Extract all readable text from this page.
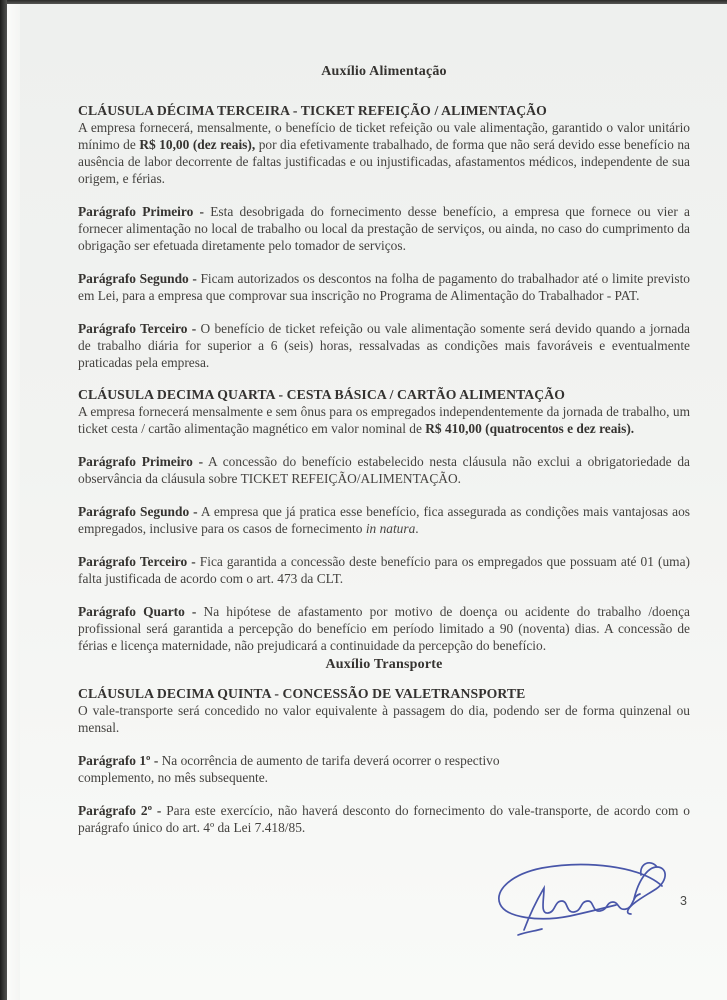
Auxílio Alimentação
CLÁUSULA DÉCIMA TERCEIRA - TICKET REFEIÇÃO / ALIMENTAÇÃO

A empresa fornecerá, mensalmente, o benefício de ticket refeição ou vale alimentação, garantido o valor unitário mínimo de R$ 10,00 (dez reais), por dia efetivamente trabalhado, de forma que não será devido esse benefício na ausência de labor decorrente de faltas justificadas e ou injustificadas, afastamentos médicos, independente de sua origem, e férias.

Parágrafo Primeiro - Esta desobrigada do fornecimento desse benefício, a empresa que fornece ou vier a fornecer alimentação no local de trabalho ou local da prestação de serviços, ou ainda, no caso do cumprimento da obrigação ser efetuada diretamente pelo tomador de serviços.

Parágrafo Segundo - Ficam autorizados os descontos na folha de pagamento do trabalhador até o limite previsto em Lei, para a empresa que comprovar sua inscrição no Programa de Alimentação do Trabalhador - PAT.

Parágrafo Terceiro - O benefício de ticket refeição ou vale alimentação somente será devido quando a jornada de trabalho diária for superior a 6 (seis) horas, ressalvadas as condições mais favoráveis e eventualmente praticadas pela empresa.

CLÁUSULA DECIMA QUARTA - CESTA BÁSICA / CARTÃO ALIMENTAÇÃO

A empresa fornecerá mensalmente e sem ônus para os empregados independentemente da jornada de trabalho, um ticket cesta / cartão alimentação magnético em valor nominal de R$ 410,00 (quatrocentos e dez reais).

Parágrafo Primeiro - A concessão do benefício estabelecido nesta cláusula não exclui a obrigatoriedade da observância da cláusula sobre TICKET REFEIÇÃO/ALIMENTAÇÃO.

Parágrafo Segundo - A empresa que já pratica esse benefício, fica assegurada as condições mais vantajosas aos empregados, inclusive para os casos de fornecimento in natura.

Parágrafo Terceiro - Fica garantida a concessão deste benefício para os empregados que possuam até 01 (uma) falta justificada de acordo com o art. 473 da CLT.

Parágrafo Quarto - Na hipótese de afastamento por motivo de doença ou acidente do trabalho /doença profissional será garantida a percepção do benefício em período limitado a 90 (noventa) dias. A concessão de férias e licença maternidade, não prejudicará a continuidade da percepção do benefício.

Auxílio Transporte
CLÁUSULA DECIMA QUINTA - CONCESSÃO DE VALETRANSPORTE

O vale-transporte será concedido no valor equivalente à passagem do dia, podendo ser de forma quinzenal ou mensal.

Parágrafo 1º - Na ocorrência de aumento de tarifa deverá ocorrer o respectivo
complemento, no mês subsequente.

Parágrafo 2º - Para este exercício, não haverá desconto do fornecimento do vale-transporte, de acordo com o parágrafo único do art. 4º da Lei 7.418/85.

3
